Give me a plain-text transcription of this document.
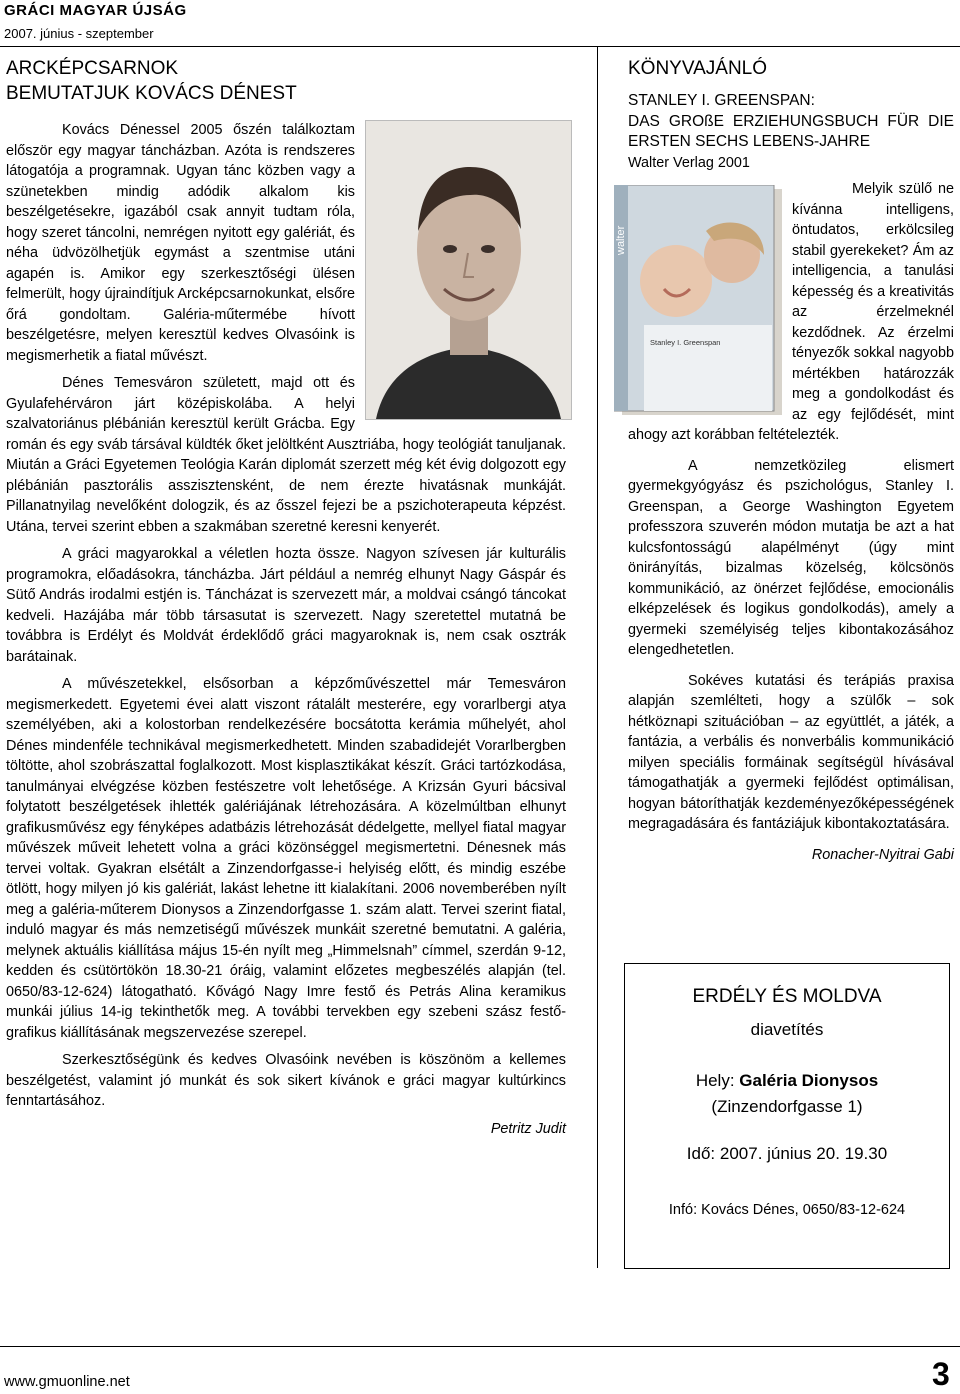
GRÁCI MAGYAR ÚJSÁG
2007. június - szeptember
ARCKÉPCSARNOK
BEMUTATJUK KOVÁCS DÉNEST

Kovács Dénessel 2005 őszén találkoztam először egy magyar táncházban. Azóta is rendszeres látogatója a programnak. Ugyan tánc közben vagy a szünetekben mindig adódik alkalom kis beszélgetésekre, igazából csak annyit tudtam róla, hogy szeret táncolni, nemrégen nyitott egy galériát, és néha üdvözölhetjük egymást a szentmise utáni agapén is. Amikor egy szerkesztőségi ülésen felmerült, hogy újraindítjuk Arcképcsarnokunkat, elsőre őrá gondoltam. Galéria-műtermébe hívott beszélgetésre, melyen keresztül kedves Olvasóink is megismerhetik a fiatal művészt.

Dénes Temesváron született, majd ott és Gyulafehérváron járt középiskolába. A helyi szalvatoriánus plébánián keresztül került Grácba. Egy román és egy sváb társával küldték őket jelöltként Ausztriába, hogy teológiát tanuljanak. Miután a Gráci Egyetemen Teológia Karán diplomát szerzett még két évig dolgozott egy plébánián pasztorális asszisztensként, de nem érezte hivatásnak munkáját. Pillanatnyilag nevelőként dologzik, és az ősszel fejezi be a pszichoterapeuta képzést. Utána, tervei szerint ebben a szakmában szeretné keresni kenyerét.

A gráci magyarokkal a véletlen hozta össze. Nagyon szívesen jár kulturális programokra, előadásokra, táncházba. Járt például a nemrég elhunyt Nagy Gáspár és Sütő András irodalmi estjén is. Táncházat is szervezett már, a moldvai csángó táncokat kedveli. Hazájába már több társasutat is szervezett. Nagy szeretettel mutatná be továbbra is Erdélyt és Moldvát érdeklődő gráci magyaroknak is, nem csak osztrák barátainak.

A művészetekkel, elsősorban a képzőművészettel már Temesváron megismerkedett. Egyetemi évei alatt viszont rátalált mesterére, egy vorarlbergi atya személyében, aki a kolostorban rendelkezésére bocsátotta kerámia műhelyét, ahol Dénes mindenféle technikával megismerkedhetett. Minden szabadidejét Vorarlbergben töltötte, ahol szobrászattal foglalkozott. Most kisplasztikákat készít. Gráci tartózkodása, tanulmányai elvégzése közben festészetre volt lehetősége. A Krizsán Gyuri bácsival folytatott beszélgetések ihlették galériájának létrehozására. A közelmúltban elhunyt grafikusművész egy fényképes adatbázis létrehozását dédelgette, mellyel fiatal magyar művészek műveit lehetett volna a gráci közönséggel megismertetni. Dénesnek más tervei voltak. Gyakran elsétált a Zinzendorfgasse-i helyiség előtt, és mindig eszébe ötlött, hogy milyen jó kis galériát, lakást lehetne itt kialakítani. 2006 novemberében nyílt meg a galéria-műterem Dionysos a Zinzendorfgasse 1. szám alatt. Tervei szerint fiatal, induló magyar és más nemzetiségű művészek munkáit szeretné bemutatni. A galéria, melynek aktuális kiállítása május 15-én nyílt meg „Himmelsnah” címmel, szerdán 9-12, kedden és csütörtökön 18.30-21 óráig, valamint előzetes megbeszélés alapján (tel. 0650/83-12-624) látogatható. Kővágó Nagy Imre festő és Petrás Alina keramikus munkái július 14-ig tekinthetők meg. A további tervekben egy szebeni szász festő-grafikus kiállításának megszervezése szerepel.

Szerkesztőségünk és kedves Olvasóink nevében is köszönöm a kellemes beszélgetést, valamint jó munkát és sok sikert kívánok e gráci magyar kultúrkincs fenntartásához.

Petritz Judit
KÖNYVAJÁNLÓ
STANLEY I. GREENSPAN:
DAS GROßE ERZIEHUNGSBUCH FÜR DIE ERSTEN SECHS LEBENS-JAHRE
Walter Verlag 2001
walter
Stanley I. Greenspan

Melyik szülő ne kívánna intelligens, öntudatos, erkölcsileg stabil gyerekeket? Ám az intelligencia, a tanulási képesség és a kreativitás az érzelmeknél kezdődnek. Az érzelmi tényezők sokkal nagyobb mértékben határozzák meg a gondolkodást és az egy fejlődését, mint ahogy azt korábban feltételezték.

A nemzetközileg elismert gyermekgyógyász és pszichológus, Stanley I. Greenspan, a George Washington Egyetem professzora szuverén módon mutatja be azt a hat kulcsfontosságú alapélményt (úgy mint önirányítás, bizalmas közelség, kölcsönös kommunikáció, az önérzet fejlődése, emocionális elképzelések és logikus gondolkodás), amely a gyermeki személyiség teljes kibontakozásához elengedhetetlen.

Sokéves kutatási és terápiás praxisa alapján szemlélteti, hogy a szülők – sok hétköznapi szituációban – az együttlét, a játék, a fantázia, a verbális és nonverbális kommunikáció milyen speciális formáinak segítségül hívásával támogathatják a gyermeki fejlődést optimálisan, hogyan bátoríthatják kezdeményezőképességének megragadására és fantáziájuk kibontakoztatására.

Ronacher-Nyitrai Gabi
ERDÉLY ÉS MOLDVA
diavetítés
Hely: Galéria Dionysos
(Zinzendorfgasse 1)
Idő: 2007. június 20. 19.30
Infó: Kovács Dénes, 0650/83-12-624
www.gmuonline.net	3
